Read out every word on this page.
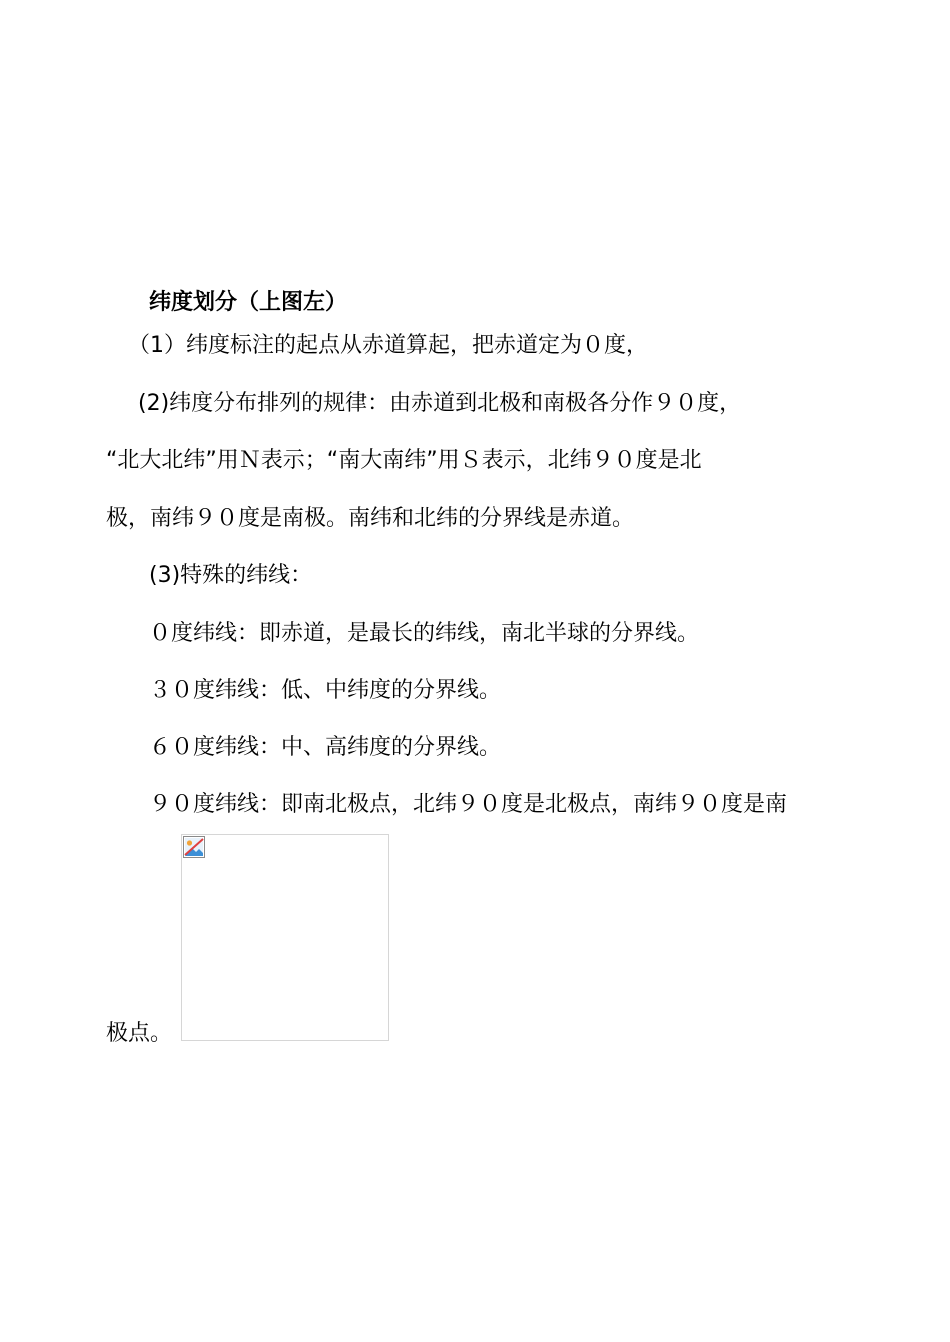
纬度划分（上图左）

（1）纬度标注的起点从赤道算起，把赤道定为０度，

(2)纬度分布排列的规律：由赤道到北极和南极各分作９０度，

“北大北纬”用Ｎ表示；“南大南纬”用Ｓ表示，北纬９０度是北

极，南纬９０度是南极。南纬和北纬的分界线是赤道。

(3)特殊的纬线：

０度纬线：即赤道，是最长的纬线，南北半球的分界线。

３０度纬线：低、中纬度的分界线。

６０度纬线：中、高纬度的分界线。

９０度纬线：即南北极点，北纬９０度是北极点，南纬９０度是南

极点。
